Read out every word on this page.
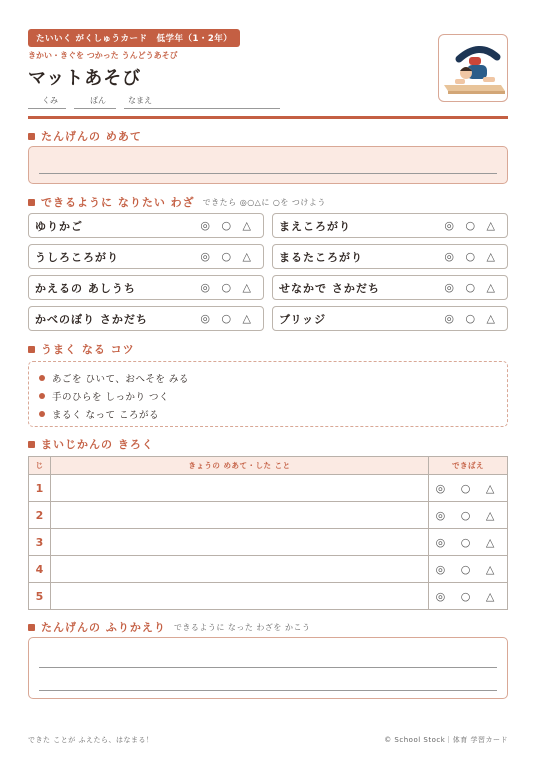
たいいく がくしゅうカード　低学年（1・2年）
きかい・きぐを つかった うんどうあそび
マットあそび
くみ	ばん	なまえ
たんげんの めあて
できるように なりたい わざ できたら ◎○△に ○を つけよう
ゆりかご	◎ ○ △ まえころがり	◎ ○ △
うしろころがり	◎ ○ △ まるたころがり	◎ ○ △
かえるの あしうち	◎ ○ △ せなかで さかだち	◎ ○ △
かべのぼり さかだち	◎ ○ △ ブリッジ	◎ ○ △
うまく なる コツ
あごを ひいて、おへそを みる
手のひらを しっかり つく
まるく なって ころがる
まいじかんの きろく
じ	きょうの めあて・した こと	できばえ
1		◎ ○ △
2		◎ ○ △
3		◎ ○ △
4		◎ ○ △
5		◎ ○ △
たんげんの ふりかえり できるように なった わざを かこう
できた ことが ふえたら、はなまる！	© School Stock｜体育 学習カード
